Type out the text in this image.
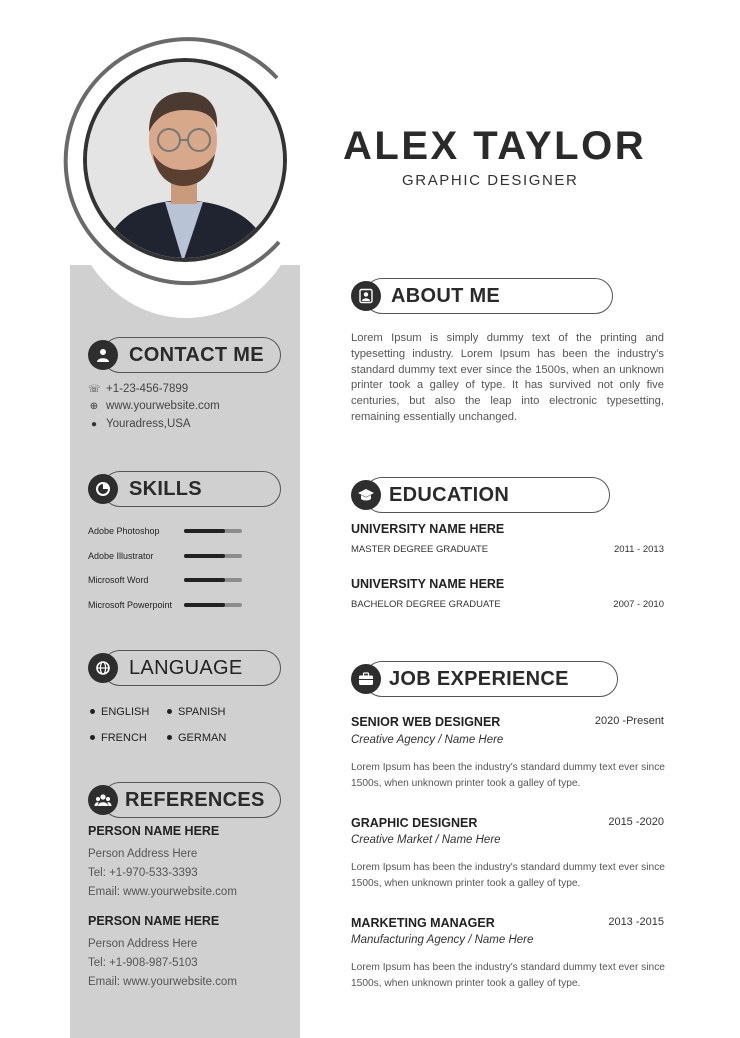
ALEX TAYLOR
GRAPHIC DESIGNER
CONTACT ME
☏ +1-23-456-7899
⊕ www.yourwebsite.com
● Youradress,USA
SKILLS
Adobe Photoshop
Adobe Illustrator
Microsoft Word
Microsoft Powerpoint
LANGUAGE
ENGLISH	SPANISH
FRENCH	GERMAN
REFERENCES
PERSON NAME HERE
Person Address Here
Tel: +1-970-533-3393
Email: www.yourwebsite.com
PERSON NAME HERE
Person Address Here
Tel: +1-908-987-5103
Email: www.yourwebsite.com
ABOUT ME
Lorem Ipsum is simply dummy text of the printing and typesetting industry. Lorem Ipsum has been the industry's standard dummy text ever since the 1500s, when an unknown printer took a galley of type. It has survived not only five centuries, but also the leap into electronic typesetting, remaining essentially unchanged.
EDUCATION
UNIVERSITY NAME HERE
MASTER DEGREE GRADUATE	2011 - 2013
UNIVERSITY NAME HERE
BACHELOR DEGREE GRADUATE	2007 - 2010
JOB EXPERIENCE
SENIOR WEB DESIGNER	2020 -Present
Creative Agency / Name Here
Lorem Ipsum has been the industry's standard dummy text ever since 1500s, when unknown printer took a galley of type.
GRAPHIC DESIGNER	2015 -2020
Creative Market / Name Here
Lorem Ipsum has been the industry's standard dummy text ever since 1500s, when unknown printer took a galley of type.
MARKETING MANAGER	2013 -2015
Manufacturing Agency / Name Here
Lorem Ipsum has been the industry's standard dummy text ever since 1500s, when unknown printer took a galley of type.
